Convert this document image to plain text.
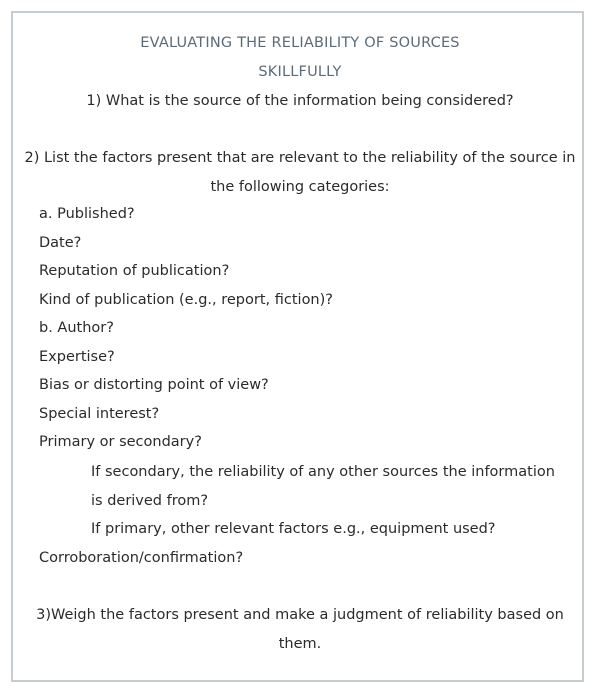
EVALUATING THE RELIABILITY OF SOURCES
SKILLFULLY
1) What is the source of the information being considered?
2) List the factors present that are relevant to the reliability of the source in the following categories:
a. Published?
Date?
Reputation of publication?
Kind of publication (e.g., report, fiction)?
b. Author?
Expertise?
Bias or distorting point of view?
Special interest?
Primary or secondary?
If secondary, the reliability of any other sources the information is derived from?
If primary, other relevant factors e.g., equipment used?
Corroboration/confirmation?
3)Weigh the factors present and make a judgment of reliability based on them.
